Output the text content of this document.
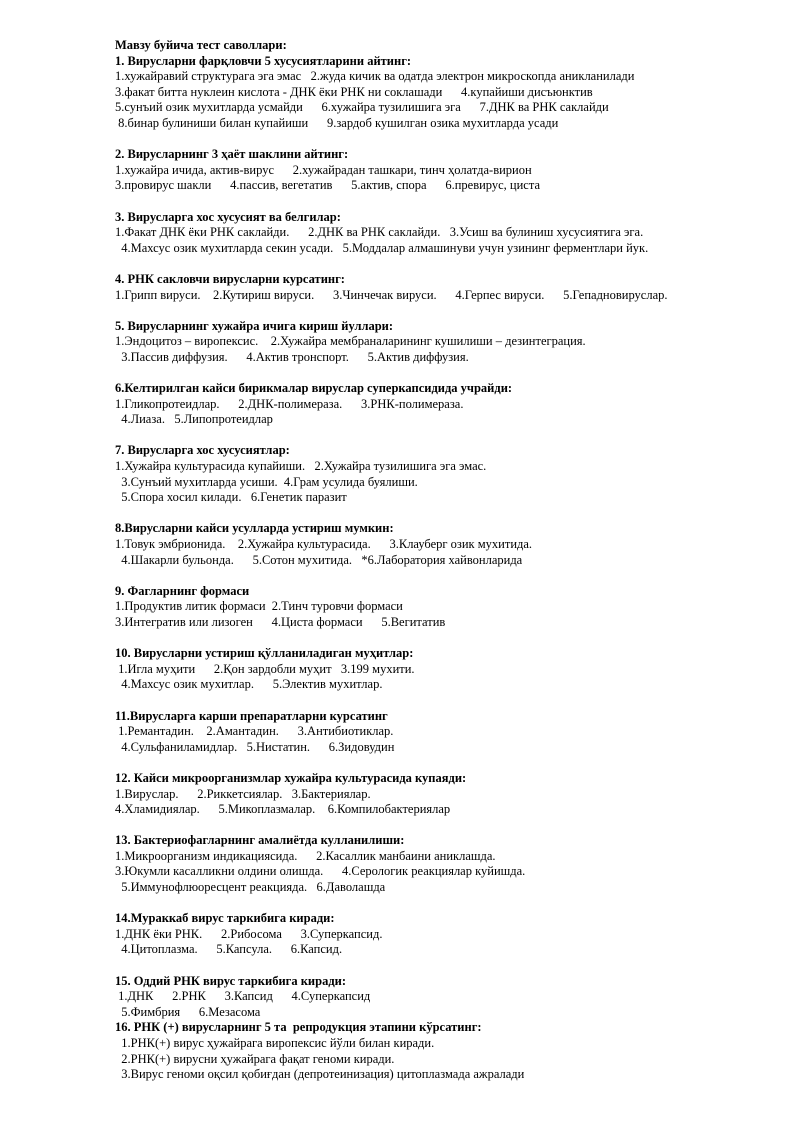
Мавзу буйича тест саволлари:
1. Вирусларни фарқловчи 5 хусусиятларини айтинг:
1.хужайравий структурага эга эмас   2.жуда кичик ва одатда электрон микроскопда аникланилади
3.факат битта нуклеин кислота - ДНК ёки РНК ни соклашади      4.купайиши дисъюнктив
5.сунъий озик мухитларда усмайди      6.хужайра тузилишига эга      7.ДНК ва РНК саклайди
8.бинар булиниши билан купайиши      9.зардоб кушилган озика мухитларда усади
2. Вирусларнинг 3 ҳаёт шаклини айтинг:
1.хужайра ичида, актив-вирус      2.хужайрадан ташкари, тинч ҳолатда-вирион
3.провирус шакли      4.пассив, вегетатив      5.актив, спора      6.превирус, циста
3. Вирусларга хос хусусият ва белгилар:
1.Факат ДНК ёки РНК саклайди.      2.ДНК ва РНК саклайди.   3.Усиш ва булиниш хусусиятига эга.
4.Махсус озик мухитларда секин усади.   5.Моддалар алмашинуви учун узининг ферментлари йук.
4. РНК сакловчи вирусларни курсатинг:
1.Грипп вируси.    2.Кутириш вируси.      3.Чинчечак вируси.      4.Герпес вируси.      5.Гепадновируслар.
5. Вирусларнинг хужайра ичига кириш йуллари:
1.Эндоцитоз – виропексис.    2.Хужайра мембраналарининг кушилиши – дезинтеграция.
3.Пассив диффузия.      4.Актив тронспорт.      5.Актив диффузия.
6.Келтирилган кайси бирикмалар вируслар суперкапсидида учрайди:
1.Гликопротеидлар.      2.ДНК-полимераза.      3.РНК-полимераза.
4.Лиаза.   5.Липопротеидлар
7. Вирусларга хос хусусиятлар:
1.Хужайра культурасида купайиши.   2.Хужайра тузилишига эга эмас.
3.Сунъий мухитларда усиши.  4.Грам усулида буялиши.
5.Спора хосил килади.   6.Генетик паразит
8.Вирусларни кайси усулларда устириш мумкин:
1.Товук эмбрионида.    2.Хужайра культурасида.      3.Клауберг озик мухитида.
4.Шакарли бульонда.      5.Сотон мухитида.   *6.Лаборатория хайвонларида
9. Фагларнинг формаси
1.Продуктив литик формаси  2.Тинч туровчи формаси
3.Интегратив или лизоген      4.Циста формаси      5.Вегитатив
10. Вирусларни устириш қўлланиладиган муҳитлар:
1.Игла муҳити      2.Қон зардобли муҳит   3.199 мухити.
4.Махсус озик мухитлар.      5.Электив мухитлар.
11.Вирусларга карши препаратларни курсатинг
1.Ремантадин.    2.Амантадин.      3.Антибиотиклар.
4.Сульфаниламидлар.   5.Нистатин.      6.Зидовудин
12. Кайси микроорганизмлар хужайра культурасида купаяди:
1.Вируслар.      2.Риккетсиялар.   3.Бактериялар.
4.Хламидиялар.      5.Микоплазмалар.    6.Компилобактериялар
13. Бактериофагларнинг амалиётда кулланилиши:
1.Микроорганизм индикациясида.      2.Касаллик манбаини аниклашда.
3.Юкумли касалликни олдини олишда.      4.Серологик реакциялар куйишда.
5.Иммунофлюоресцент реакцияда.   6.Даволашда
14.Мураккаб вирус таркибига киради:
1.ДНК ёки РНК.      2.Рибосома      3.Суперкапсид.
4.Цитоплазма.      5.Капсула.      6.Капсид.
15. Оддий РНК вирус таркибига киради:
1.ДНК      2.РНК      3.Капсид      4.Суперкапсид
5.Фимбрия      6.Мезасома
16. РНК (+) вирусларнинг 5 та  репродукция этапини кўрсатинг:
1.РНК(+) вирус ҳужайрага виропексис йўли билан киради.
2.РНК(+) вирусни ҳужайрага фақат геноми киради.
3.Вирус геноми оқсил қобиғдан (депротеинизация) цитоплазмада ажралади
